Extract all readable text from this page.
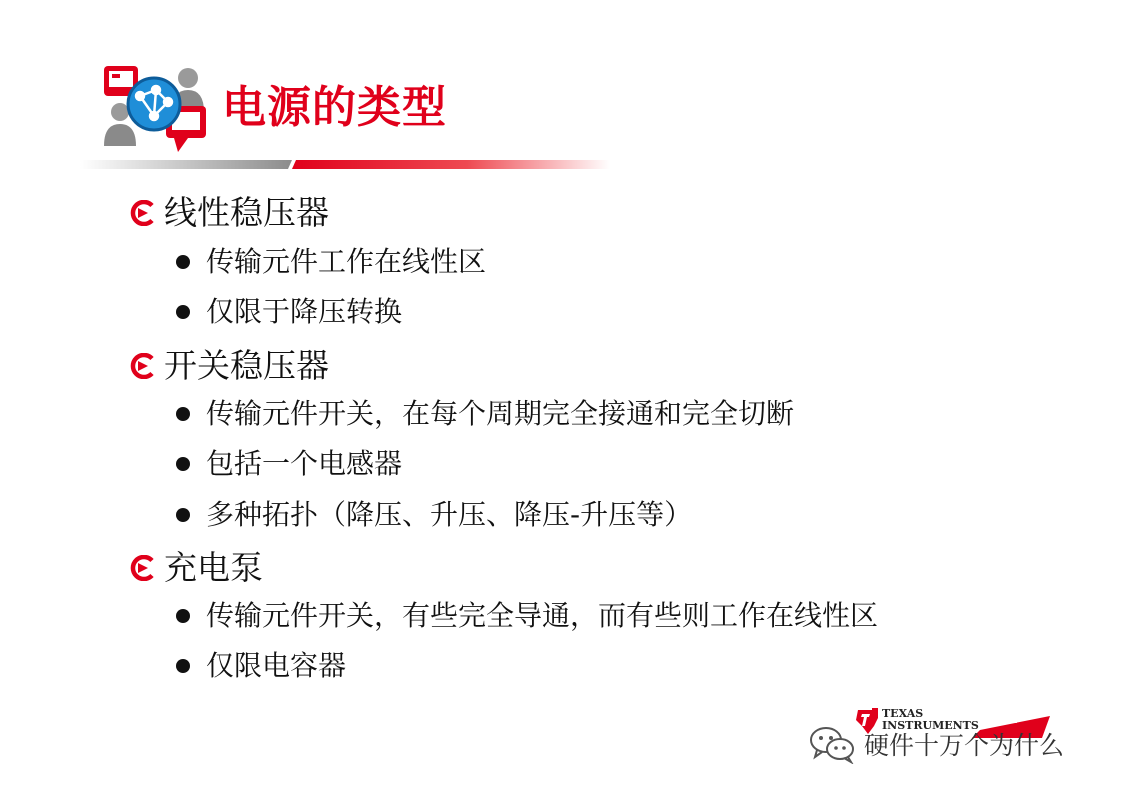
电源的类型
线性稳压器
传输元件工作在线性区
仅限于降压转换
开关稳压器
传输元件开关，在每个周期完全接通和完全切断
包括一个电感器
多种拓扑（降压、升压、降压-升压等）
充电泵
传输元件开关，有些完全导通，而有些则工作在线性区
仅限电容器
TEXAS
INSTRUMENTS	2
硬件十万个为什么
